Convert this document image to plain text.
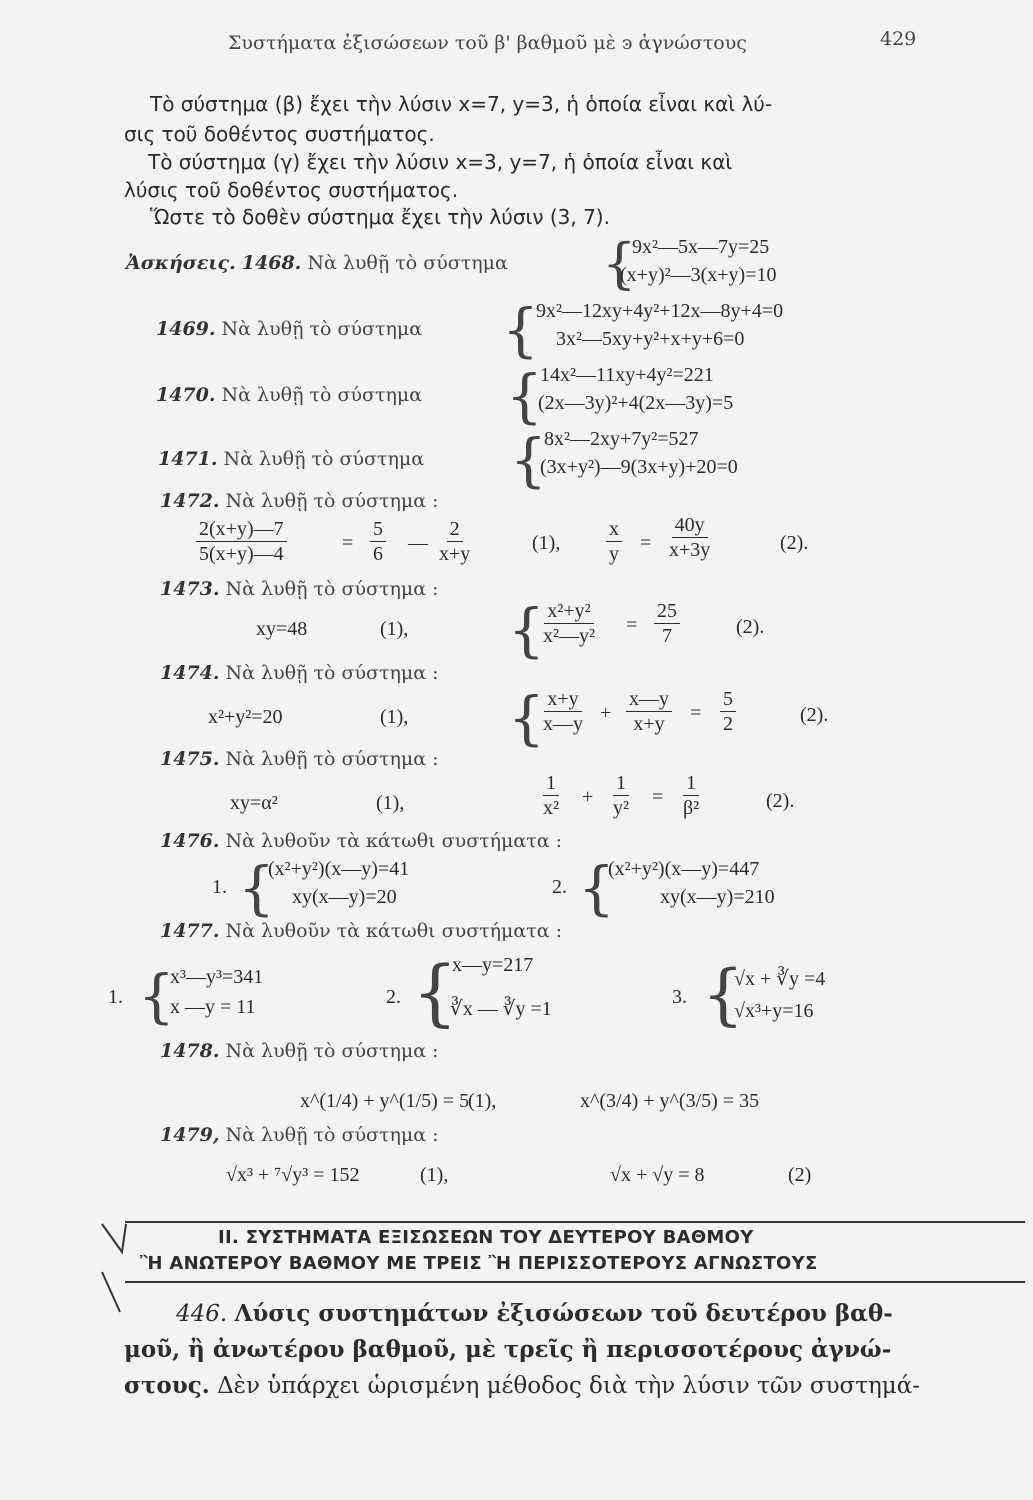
Συστήματα ἐξισώσεων τοῦ β' βαθμοῦ μὲ ͽ ἀγνώστους	429
Τὸ σύστημα (β) ἔχει τὴν λύσιν x=7, y=3, ἡ ὁποία εἶναι καὶ λύ-
σις τοῦ δοθέντος συστήματος.
Τὸ σύστημα (γ) ἔχει τὴν λύσιν x=3, y=7, ἡ ὁποία εἶναι καὶ
λύσις τοῦ δοθέντος συστήματος.
Ὥστε τὸ δοθὲν σύστημα ἔχει τὴν λύσιν (3, 7).
Ἀσκήσεις. 1468. Νὰ λυθῇ τὸ σύστημα {
9x²—5x—7y=25
(x+y)²—3(x+y)=10
1469. Νὰ λυθῇ τὸ σύστημα {
9x²—12xy+4y²+12x—8y+4=0
3x²—5xy+y²+x+y+6=0
1470. Νὰ λυθῇ τὸ σύστημα {
14x²—11xy+4y²=221
(2x—3y)²+4(2x—3y)=5
1471. Νὰ λυθῇ τὸ σύστημα {
8x²—2xy+7y²=527
(3x+y²)—9(3x+y)+20=0
1472. Νὰ λυθῇ τὸ σύστημα :
$\frac{2(x+y)—7}{5(x+y)—4}$	= $\frac{5}{6}$ — $\frac{2}{x+y}$	(1), $\frac{x}{y} = \frac{40y}{x+3y}$	(2).
1473. Νὰ λυθῇ τὸ σύστημα :
xy=48	(1), {
$\frac{\text{x²+y²}}{\text{x²—y²}} = \frac{25}{7}$	(2).
1474. Νὰ λυθῇ τὸ σύστημα :
x²+y²=20	(1), {
$\frac{x+y}{x—y} + \frac{x—y}{x+y} = \frac{5}{2}$	(2).
1475. Νὰ λυθῇ τὸ σύστημα :
xy=α²	(1),	$\frac{1}{\text{x²}} + \frac{1}{\text{y²}} = \frac{1}{\text{β²}}$	(2).
1476. Νὰ λυθοῦν τὰ κάτωθι συστήματα :
1. {
(x²+y²)(x—y)=41
xy(x—y)=20	2. {
(x²+y²)(x—y)=447
xy(x—y)=210
1477. Νὰ λυθοῦν τὰ κάτωθι συστήματα :
1. {
x³—y³=341
x —y = 11	2. {
x—y=217
∛x — ∛y =1
3. {
√x + ∛y =4
√x³+y=16
1478. Νὰ λυθῇ τὸ σύστημα :
x^(1/4) + y^(1/5) = 5
(1),	x^(3/4) + y^(3/5) = 35
1479, Νὰ λυθῇ τὸ σύστημα :
√x³ + ⁷√y³ = 152	(1),	√x + √y = 8	(2)
II. ΣΥΣΤΗΜΑΤΑ ΕΞΙΣΩΣΕΩΝ ΤΟΥ ΔΕΥΤΕΡΟΥ ΒΑΘΜΟΥ
Ἢ ΑΝΩΤΕΡΟΥ ΒΑΘΜΟΥ ΜΕ ΤΡΕΙΣ Ἢ ΠΕΡΙΣΣΟΤΕΡΟΥΣ ΑΓΝΩΣΤΟΥΣ
446. Λύσις συστημάτων ἐξισώσεων τοῦ δευτέρου βαθ-
μοῦ, ἢ ἀνωτέρου βαθμοῦ, μὲ τρεῖς ἢ περισσοτέρους ἀγνώ-
στους. Δὲν ὑπάρχει ὡρισμένη μέθοδος διὰ τὴν λύσιν τῶν συστημά-
